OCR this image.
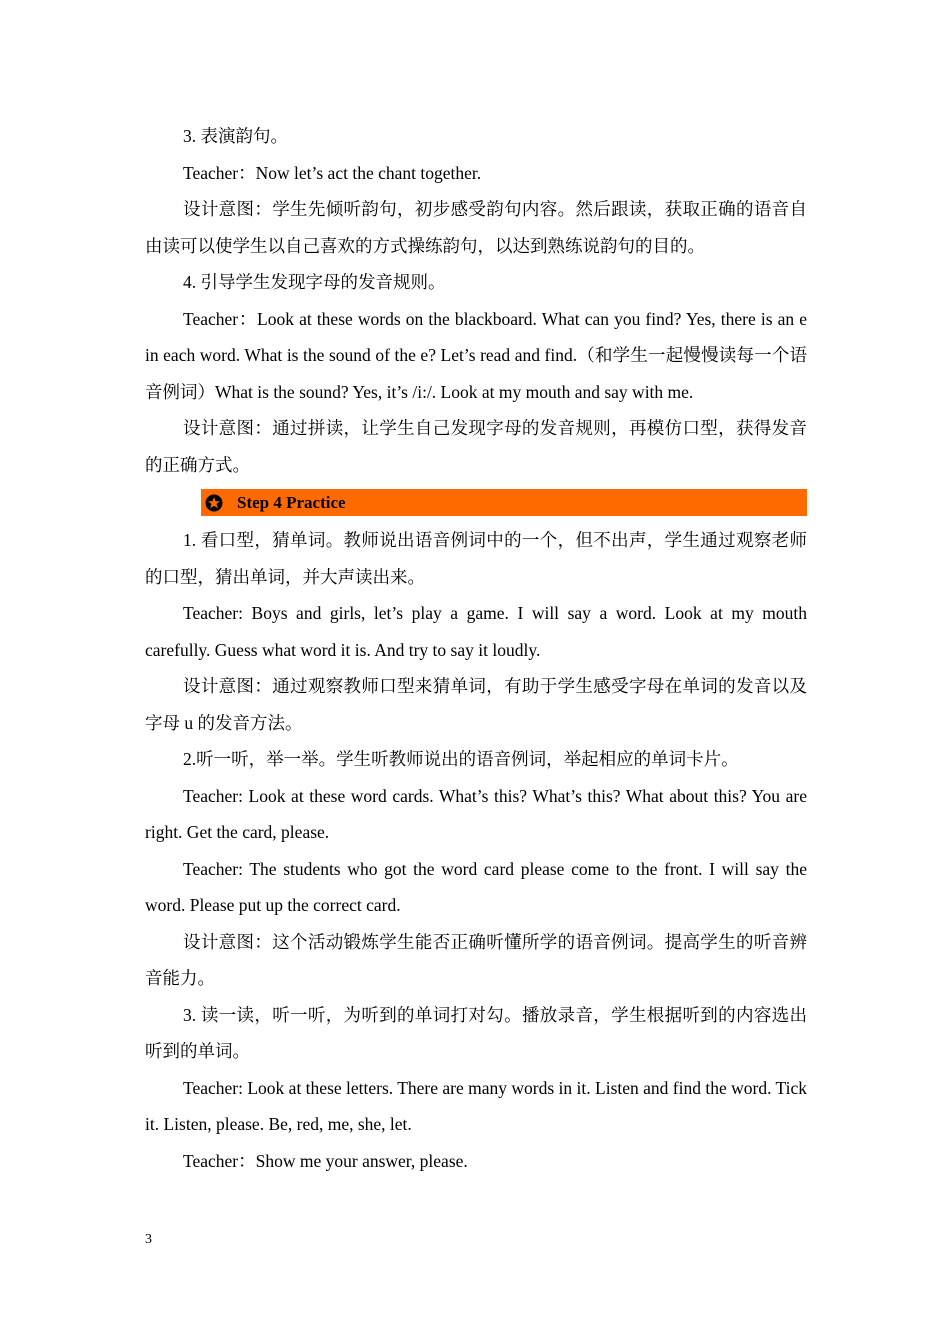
3. 表演韵句。

Teacher：Now let’s act the chant together.

设计意图：学生先倾听韵句，初步感受韵句内容。然后跟读，获取正确的语音自由读可以使学生以自己喜欢的方式操练韵句，以达到熟练说韵句的目的。

4. 引导学生发现字母的发音规则。

Teacher：Look at these words on the blackboard. What can you find? Yes, there is an e in each word. What is the sound of the e? Let’s read and find.（和学生一起慢慢读每一个语音例词）What is the sound? Yes, it’s /i:/. Look at my mouth and say with me.

设计意图：通过拼读，让学生自己发现字母的发音规则，再模仿口型，获得发音的正确方式。

Step 4 Practice

1. 看口型，猜单词。教师说出语音例词中的一个，但不出声，学生通过观察老师的口型，猜出单词，并大声读出来。

Teacher: Boys and girls, let’s play a game. I will say a word. Look at my mouth carefully. Guess what word it is. And try to say it loudly.

设计意图：通过观察教师口型来猜单词，有助于学生感受字母在单词的发音以及字母 u 的发音方法。

2.听一听，举一举。学生听教师说出的语音例词，举起相应的单词卡片。

Teacher: Look at these word cards. What’s this? What’s this? What about this? You are right. Get the card, please.

Teacher: The students who got the word card please come to the front. I will say the word. Please put up the correct card.

设计意图：这个活动锻炼学生能否正确听懂所学的语音例词。提高学生的听音辨音能力。

3. 读一读，听一听，为听到的单词打对勾。播放录音，学生根据听到的内容选出听到的单词。

Teacher: Look at these letters. There are many words in it. Listen and find the word. Tick it. Listen, please. Be, red, me, she, let.

Teacher：Show me your answer, please.

3
